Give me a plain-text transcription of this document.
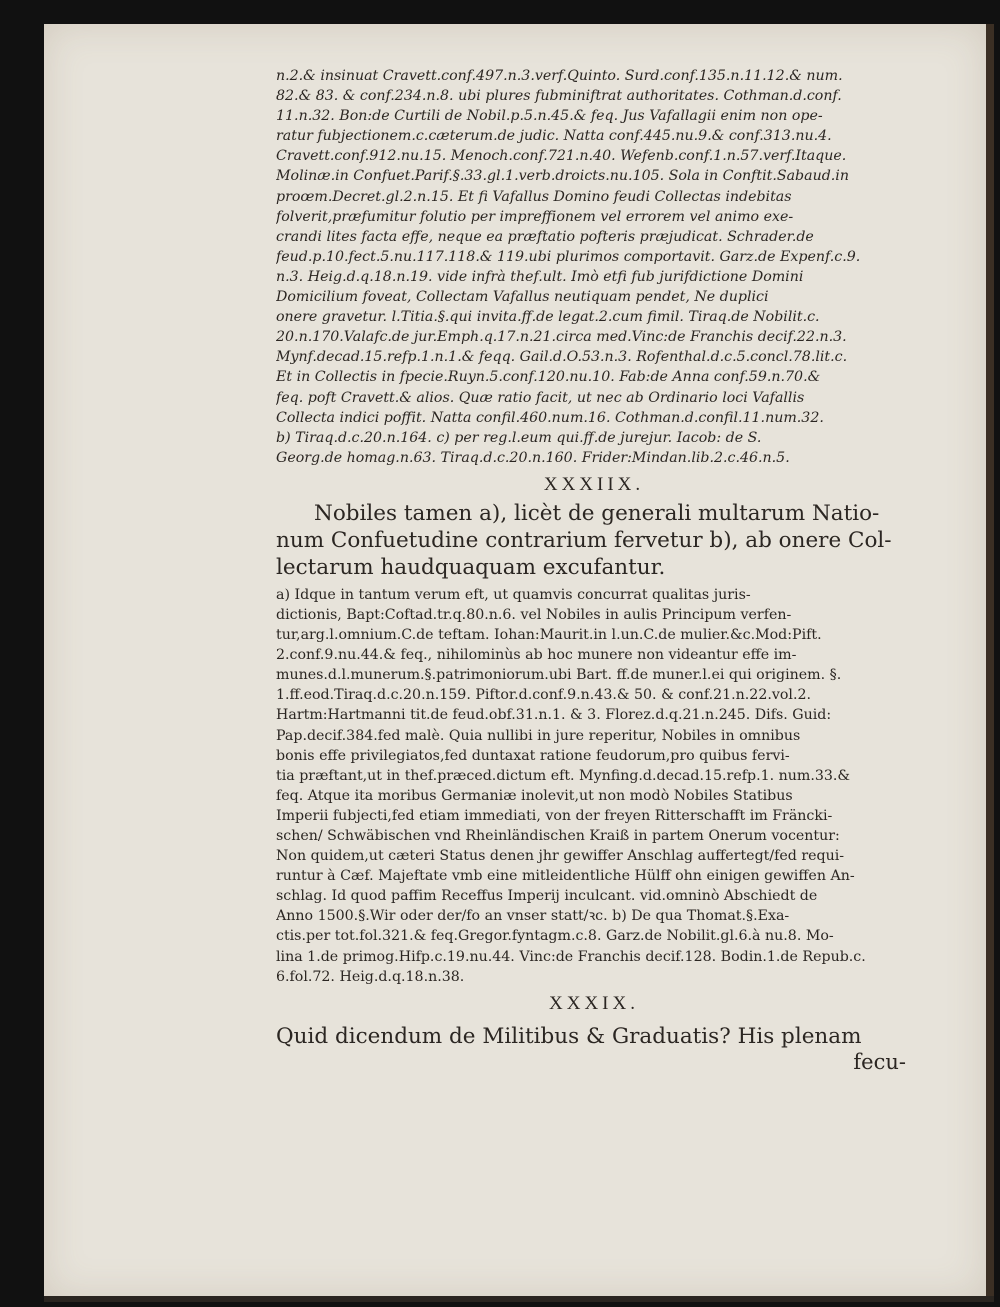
n.2.& insinuat Cravett.conf.497.n.3.verf.Quinto. Surd.conf.135.n.11.12.& num.
82.& 83. & conf.234.n.8. ubi plures fubminiftrat authoritates. Cothman.d.conf.
11.n.32. Bon:de Curtili de Nobil.p.5.n.45.& feq. Jus Vafallagii enim non ope-
ratur fubjectionem.c.cæterum.de judic. Natta conf.445.nu.9.& conf.313.nu.4.
Cravett.conf.912.nu.15. Menoch.conf.721.n.40. Wefenb.conf.1.n.57.verf.Itaque.
Molinæ.in Confuet.Parif.§.33.gl.1.verb.droicts.nu.105. Sola in Conftit.Sabaud.in
proœm.Decret.gl.2.n.15. Et fi Vafallus Domino feudi Collectas indebitas
folverit,præfumitur folutio per impreffionem vel errorem vel animo exe-
crandi lites facta effe, neque ea præftatio pofteris præjudicat. Schrader.de
feud.p.10.fect.5.nu.117.118.& 119.ubi plurimos comportavit. Garz.de Expenf.c.9.
n.3. Heig.d.q.18.n.19. vide infrà thef.ult. Imò etfi fub jurifdictione Domini
Domicilium foveat, Collectam Vafallus neutiquam pendet, Ne duplici
onere gravetur. l.Titia.§.qui invita.ff.de legat.2.cum fimil. Tiraq.de Nobilit.c.
20.n.170.Valafc.de jur.Emph.q.17.n.21.circa med.Vinc:de Franchis decif.22.n.3.
Mynf.decad.15.refp.1.n.1.& feqq. Gail.d.O.53.n.3. Rofenthal.d.c.5.concl.78.lit.c.
Et in Collectis in fpecie.Ruyn.5.conf.120.nu.10. Fab:de Anna conf.59.n.70.&
feq. poft Cravett.& alios. Quæ ratio facit, ut nec ab Ordinario loci Vafallis
Collecta indici poffit. Natta confil.460.num.16. Cothman.d.confil.11.num.32.
b) Tiraq.d.c.20.n.164. c) per reg.l.eum qui.ff.de jurejur. Iacob: de S.
Georg.de homag.n.63. Tiraq.d.c.20.n.160. Frider:Mindan.lib.2.c.46.n.5.
XXXIIX.
Nobiles tamen a), licèt de generali multarum Natio-
num Confuetudine contrarium fervetur b), ab onere Col-
lectarum haudquaquam excufantur.
a) Idque in tantum verum eft, ut quamvis concurrat qualitas juris-
dictionis, Bapt:Coftad.tr.q.80.n.6. vel Nobiles in aulis Principum verfen-
tur,arg.l.omnium.C.de teftam. Iohan:Maurit.in l.un.C.de mulier.&c.Mod:Pift.
2.conf.9.nu.44.& feq., nihilominùs ab hoc munere non videantur effe im-
munes.d.l.munerum.§.patrimoniorum.ubi Bart. ff.de muner.l.ei qui originem. §.
1.ff.eod.Tiraq.d.c.20.n.159. Piftor.d.conf.9.n.43.& 50. & conf.21.n.22.vol.2.
Hartm:Hartmanni tit.de feud.obf.31.n.1. & 3. Florez.d.q.21.n.245. Difs. Guid:
Pap.decif.384.fed malè. Quia nullibi in jure reperitur, Nobiles in omnibus
bonis effe privilegiatos,fed duntaxat ratione feudorum,pro quibus fervi-
tia præftant,ut in thef.præced.dictum eft. Mynfing.d.decad.15.refp.1. num.33.&
feq. Atque ita moribus Germaniæ inolevit,ut non modò Nobiles Statibus
Imperii fubjecti,fed etiam immediati, von der freyen Ritterschafft im Fräncki-
schen/ Schwäbischen vnd Rheinländischen Kraiß in partem Onerum vocentur:
Non quidem,ut cæteri Status denen jhr gewiffer Anschlag auffertegt/fed requi-
runtur à Cæf. Majeftate vmb eine mitleidentliche Hülff ohn einigen gewiffen An-
schlag. Id quod paffim Receffus Imperij inculcant. vid.omninò Abschiedt de
Anno 1500.§.Wir oder der/fo an vnser statt/ꝛc. b) De qua Thomat.§.Exa-
ctis.per tot.fol.321.& feq.Gregor.fyntagm.c.8. Garz.de Nobilit.gl.6.à nu.8. Mo-
lina 1.de primog.Hifp.c.19.nu.44. Vinc:de Franchis decif.128. Bodin.1.de Repub.c.
6.fol.72. Heig.d.q.18.n.38.
XXXIX.
Quid dicendum de Militibus & Graduatis? His plenam
fecu-
